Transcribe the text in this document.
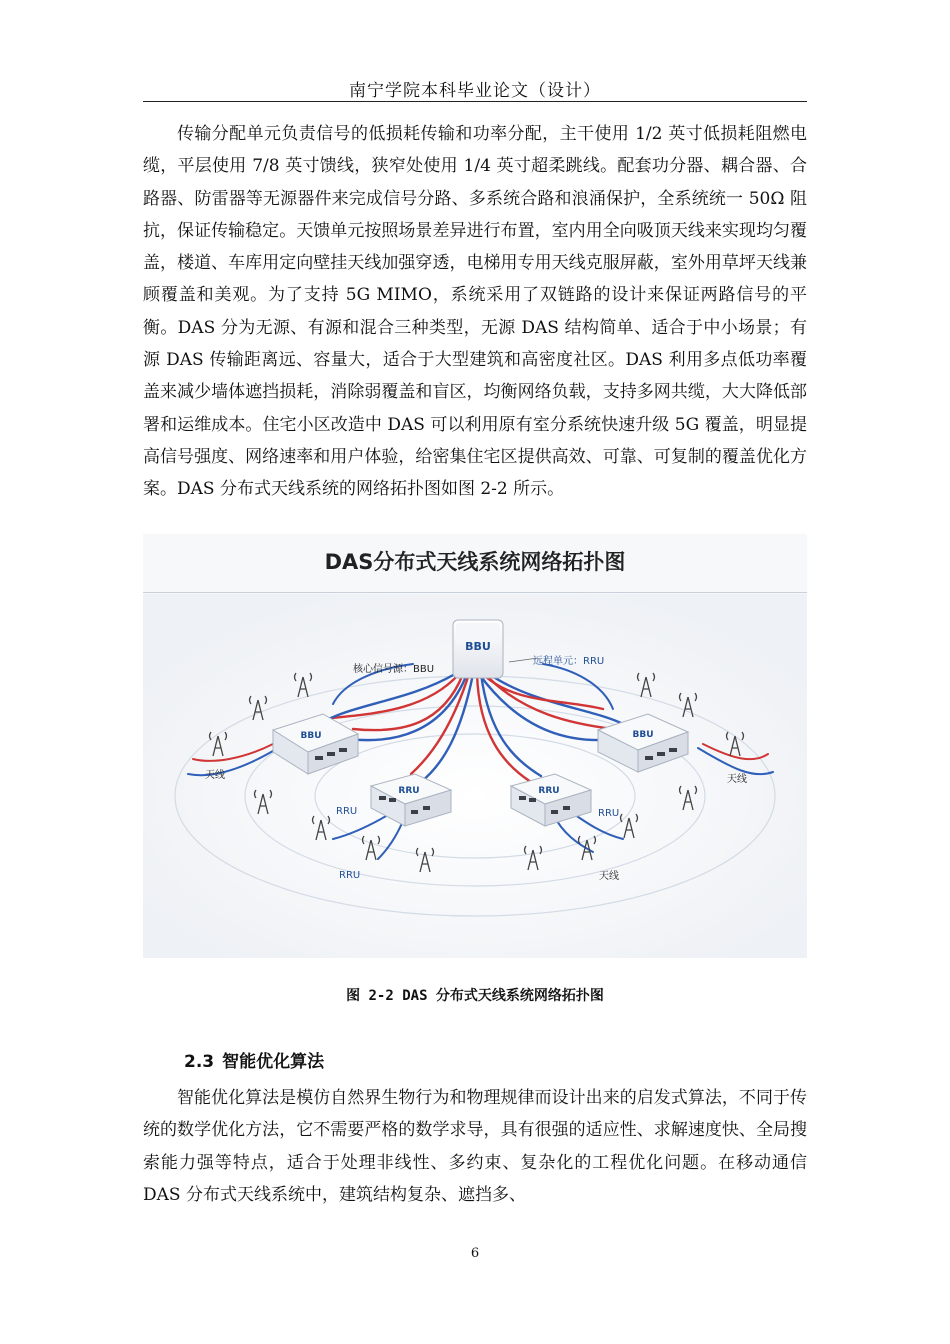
南宁学院本科毕业论文（设计）

传输分配单元负责信号的低损耗传输和功率分配，主干使用 1/2 英寸低损耗阻燃电缆，平层使用 7/8 英寸馈线，狭窄处使用 1/4 英寸超柔跳线。配套功分器、耦合器、合路器、防雷器等无源器件来完成信号分路、多系统合路和浪涌保护，全系统统一 50Ω 阻抗，保证传输稳定。天馈单元按照场景差异进行布置，室内用全向吸顶天线来实现均匀覆盖，楼道、车库用定向壁挂天线加强穿透，电梯用专用天线克服屏蔽，室外用草坪天线兼顾覆盖和美观。为了支持 5G MIMO，系统采用了双链路的设计来保证两路信号的平衡。DAS 分为无源、有源和混合三种类型，无源 DAS 结构简单、适合于中小场景；有源 DAS 传输距离远、容量大，适合于大型建筑和高密度社区。DAS 利用多点低功率覆盖来减少墙体遮挡损耗，消除弱覆盖和盲区，均衡网络负载，支持多网共缆，大大降低部署和运维成本。住宅小区改造中 DAS 可以利用原有室分系统快速升级 5G 覆盖，明显提高信号强度、网络速率和用户体验，给密集住宅区提供高效、可靠、可复制的覆盖优化方案。DAS 分布式天线系统的网络拓扑图如图 2-2 所示。

BBU
BBU	BBU
RRU	RRU
核心信号源：BBU
远程单元：RRU
天线	天线
RRU	RRU
RRU	天线
DAS分布式天线系统网络拓扑图
图 2-2 DAS 分布式天线系统网络拓扑图
2.3 智能优化算法

智能优化算法是模仿自然界生物行为和物理规律而设计出来的启发式算法，不同于传统的数学优化方法，它不需要严格的数学求导，具有很强的适应性、求解速度快、全局搜索能力强等特点，适合于处理非线性、多约束、复杂化的工程优化问题。在移动通信 DAS 分布式天线系统中，建筑结构复杂、遮挡多、

6
